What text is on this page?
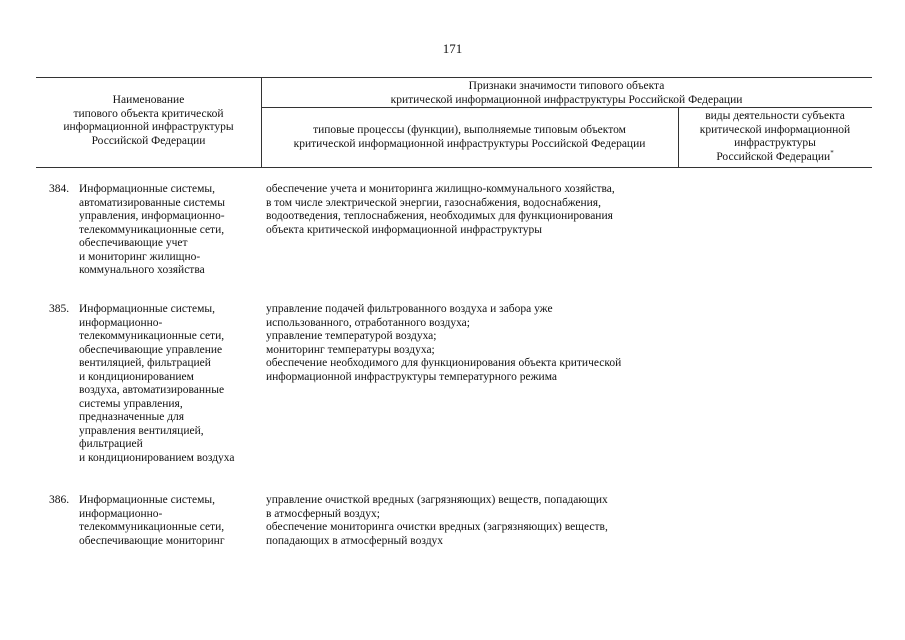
171
Наименование
типового объекта критической
информационной инфраструктуры
Российской Федерации
Признаки значимости типового объекта
критической информационной инфраструктуры Российской Федерации
типовые процессы (функции), выполняемые типовым объектом
критической информационной инфраструктуры Российской Федерации
виды деятельности субъекта
критической информационной
инфраструктуры
Российской Федерации*
384. Информационные системы,
автоматизированные системы
управления, информационно-
телекоммуникационные сети,
обеспечивающие учет
и мониторинг жилищно-
коммунального хозяйства
обеспечение учета и мониторинга жилищно-коммунального хозяйства,
в том числе электрической энергии, газоснабжения, водоснабжения,
водоотведения, теплоснабжения, необходимых для функционирования
объекта критической информационной инфраструктуры
385. Информационные системы,
информационно-
телекоммуникационные сети,
обеспечивающие управление
вентиляцией, фильтрацией
и кондиционированием
воздуха, автоматизированные
системы управления,
предназначенные для
управления вентиляцией,
фильтрацией
и кондиционированием воздуха
управление подачей фильтрованного воздуха и забора уже
использованного, отработанного воздуха;
управление температурой воздуха;
мониторинг температуры воздуха;
обеспечение необходимого для функционирования объекта критической
информационной инфраструктуры температурного режима
386. Информационные системы,
информационно-
телекоммуникационные сети,
обеспечивающие мониторинг
управление очисткой вредных (загрязняющих) веществ, попадающих
в атмосферный воздух;
обеспечение мониторинга очистки вредных (загрязняющих) веществ,
попадающих в атмосферный воздух
